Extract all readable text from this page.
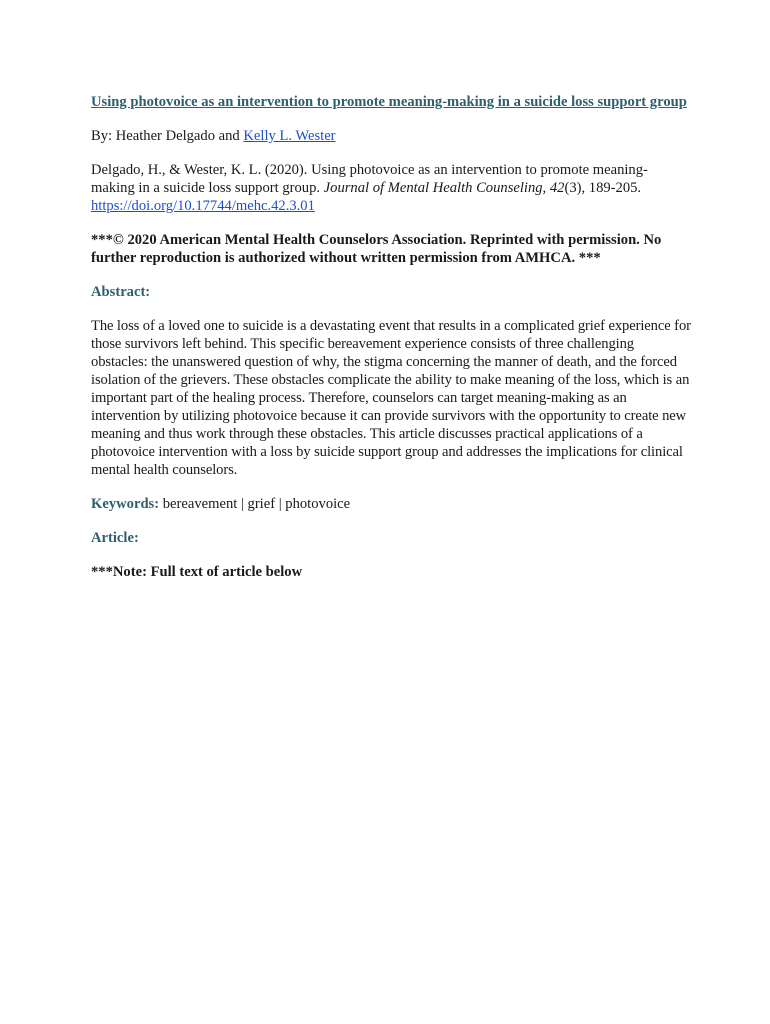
Using photovoice as an intervention to promote meaning-making in a suicide loss support group

By: Heather Delgado and Kelly L. Wester

Delgado, H., & Wester, K. L. (2020). Using photovoice as an intervention to promote meaning-making in a suicide loss support group. Journal of Mental Health Counseling, 42(3), 189-205.
https://doi.org/10.17744/mehc.42.3.01

***© 2020 American Mental Health Counselors Association. Reprinted with permission. No further reproduction is authorized without written permission from AMHCA. ***

Abstract:

The loss of a loved one to suicide is a devastating event that results in a complicated grief experience for those survivors left behind. This specific bereavement experience consists of three challenging obstacles: the unanswered question of why, the stigma concerning the manner of death, and the forced isolation of the grievers. These obstacles complicate the ability to make meaning of the loss, which is an important part of the healing process. Therefore, counselors can target meaning-making as an intervention by utilizing photovoice because it can provide survivors with the opportunity to create new meaning and thus work through these obstacles. This article discusses practical applications of a photovoice intervention with a loss by suicide support group and addresses the implications for clinical mental health counselors.

Keywords: bereavement | grief | photovoice

Article:

***Note: Full text of article below
